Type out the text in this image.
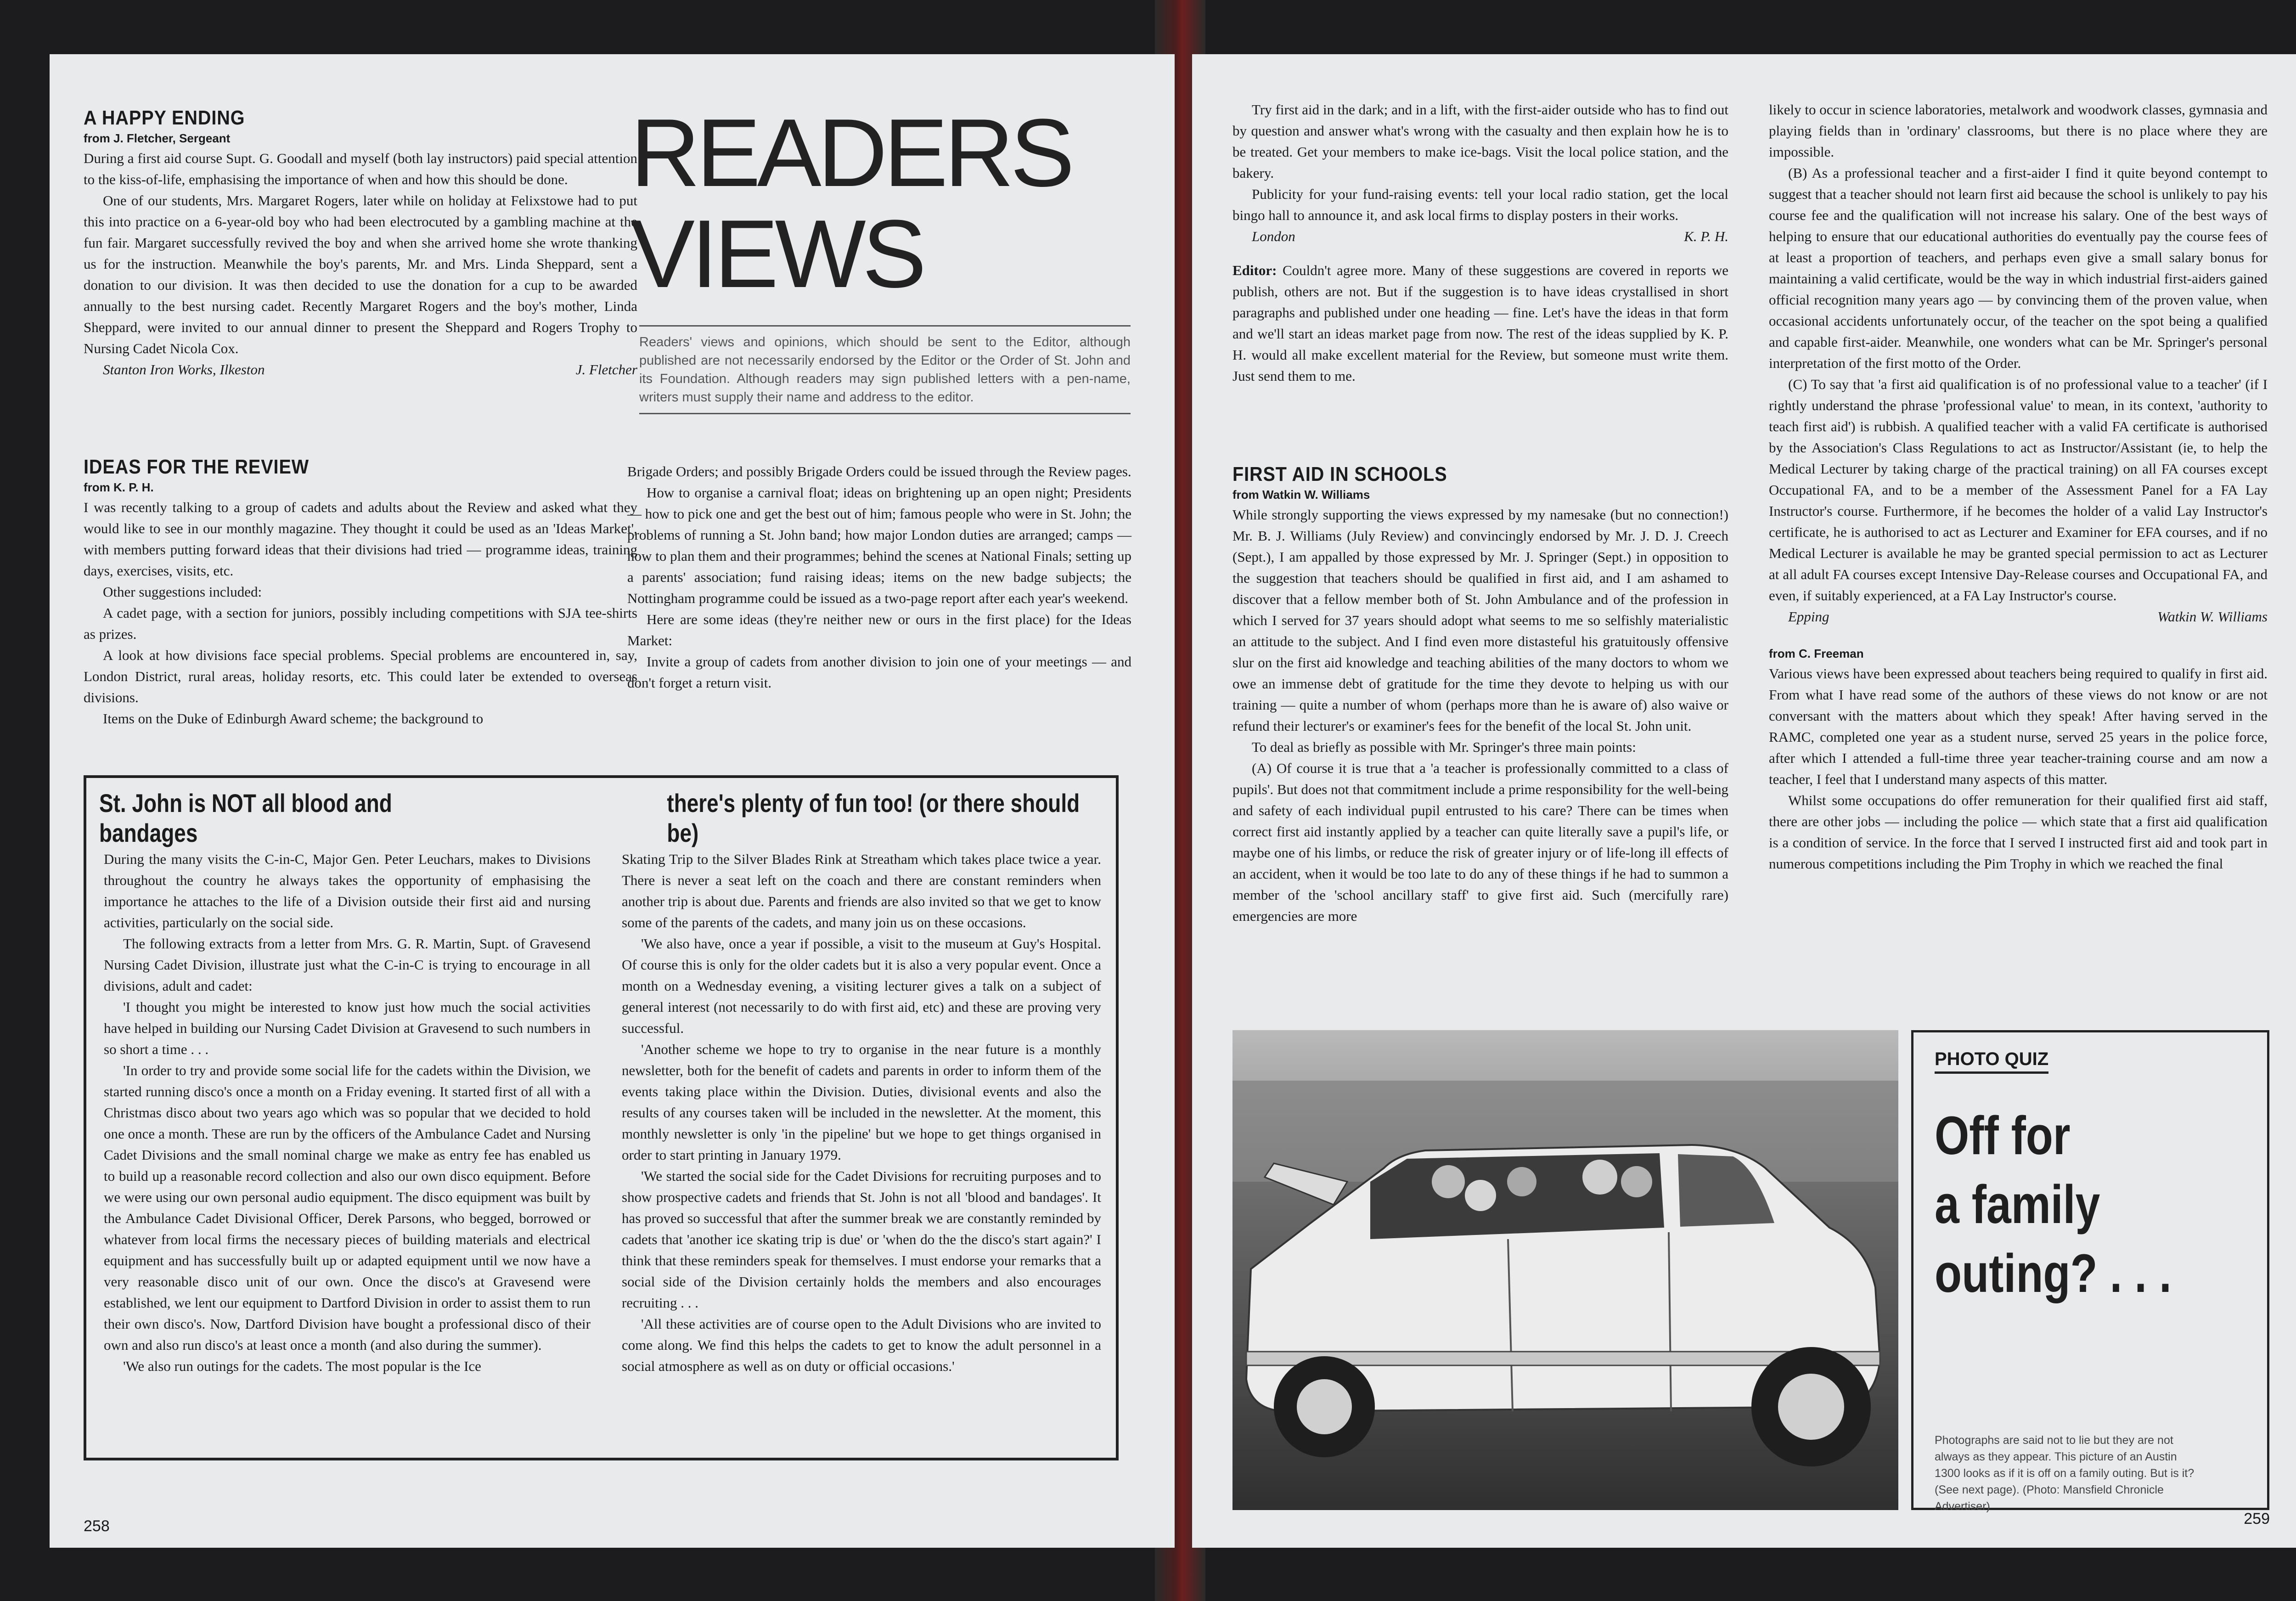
A HAPPY ENDING
from J. Fletcher, Sergeant

During a first aid course Supt. G. Goodall and myself (both lay instructors) paid special attention to the kiss-of-life, emphasising the importance of when and how this should be done.

One of our students, Mrs. Margaret Rogers, later while on holiday at Felixstowe had to put this into practice on a 6-year-old boy who had been electrocuted by a gambling machine at the fun fair. Margaret successfully revived the boy and when she arrived home she wrote thanking us for the instruction. Meanwhile the boy's parents, Mr. and Mrs. Linda Sheppard, sent a donation to our division. It was then decided to use the donation for a cup to be awarded annually to the best nursing cadet. Recently Margaret Rogers and the boy's mother, Linda Sheppard, were invited to our annual dinner to present the Sheppard and Rogers Trophy to Nursing Cadet Nicola Cox.

Stanton Iron Works, Ilkeston	J. Fletcher

READERS
VIEWS
Readers' views and opinions, which should be sent to the Editor, although published are not necessarily endorsed by the Editor or the Order of St. John and its Foundation. Although readers may sign published letters with a pen-name, writers must supply their name and address to the editor.
IDEAS FOR THE REVIEW
from K. P. H.

I was recently talking to a group of cadets and adults about the Review and asked what they would like to see in our monthly magazine. They thought it could be used as an 'Ideas Market', with members putting forward ideas that their divisions had tried — programme ideas, training days, exercises, visits, etc.

Other suggestions included:

A cadet page, with a section for juniors, possibly including competitions with SJA tee-shirts as prizes.

A look at how divisions face special problems. Special problems are encountered in, say, London District, rural areas, holiday resorts, etc. This could later be extended to overseas divisions.

Items on the Duke of Edinburgh Award scheme; the background to

Brigade Orders; and possibly Brigade Orders could be issued through the Review pages.

How to organise a carnival float; ideas on brightening up an open night; Presidents — how to pick one and get the best out of him; famous people who were in St. John; the problems of running a St. John band; how major London duties are arranged; camps — how to plan them and their programmes; behind the scenes at National Finals; setting up a parents' association; fund raising ideas; items on the new badge subjects; the Nottingham programme could be issued as a two-page report after each year's weekend.

Here are some ideas (they're neither new or ours in the first place) for the Ideas Market:

Invite a group of cadets from another division to join one of your meetings — and don't forget a return visit.

St. John is NOT all blood and bandages
there's plenty of fun too! (or there should be)

During the many visits the C-in-C, Major Gen. Peter Leuchars, makes to Divisions throughout the country he always takes the opportunity of emphasising the importance he attaches to the life of a Division outside their first aid and nursing activities, particularly on the social side.

The following extracts from a letter from Mrs. G. R. Martin, Supt. of Gravesend Nursing Cadet Division, illustrate just what the C-in-C is trying to encourage in all divisions, adult and cadet:

'I thought you might be interested to know just how much the social activities have helped in building our Nursing Cadet Division at Gravesend to such numbers in so short a time . . .

'In order to try and provide some social life for the cadets within the Division, we started running disco's once a month on a Friday evening. It started first of all with a Christmas disco about two years ago which was so popular that we decided to hold one once a month. These are run by the officers of the Ambulance Cadet and Nursing Cadet Divisions and the small nominal charge we make as entry fee has enabled us to build up a reasonable record collection and also our own disco equipment. Before we were using our own personal audio equipment. The disco equipment was built by the Ambulance Cadet Divisional Officer, Derek Parsons, who begged, borrowed or whatever from local firms the necessary pieces of building materials and electrical equipment and has successfully built up or adapted equipment until we now have a very reasonable disco unit of our own. Once the disco's at Gravesend were established, we lent our equipment to Dartford Division in order to assist them to run their own disco's. Now, Dartford Division have bought a professional disco of their own and also run disco's at least once a month (and also during the summer).

'We also run outings for the cadets. The most popular is the Ice

Skating Trip to the Silver Blades Rink at Streatham which takes place twice a year. There is never a seat left on the coach and there are constant reminders when another trip is about due. Parents and friends are also invited so that we get to know some of the parents of the cadets, and many join us on these occasions.

'We also have, once a year if possible, a visit to the museum at Guy's Hospital. Of course this is only for the older cadets but it is also a very popular event. Once a month on a Wednesday evening, a visiting lecturer gives a talk on a subject of general interest (not necessarily to do with first aid, etc) and these are proving very successful.

'Another scheme we hope to try to organise in the near future is a monthly newsletter, both for the benefit of cadets and parents in order to inform them of the events taking place within the Division. Duties, divisional events and also the results of any courses taken will be included in the newsletter. At the moment, this monthly newsletter is only 'in the pipeline' but we hope to get things organised in order to start printing in January 1979.

'We started the social side for the Cadet Divisions for recruiting purposes and to show prospective cadets and friends that St. John is not all 'blood and bandages'. It has proved so successful that after the summer break we are constantly reminded by cadets that 'another ice skating trip is due' or 'when do the the disco's start again?' I think that these reminders speak for themselves. I must endorse your remarks that a social side of the Division certainly holds the members and also encourages recruiting . . .

'All these activities are of course open to the Adult Divisions who are invited to come along. We find this helps the cadets to get to know the adult personnel in a social atmosphere as well as on duty or official occasions.'

258

Try first aid in the dark; and in a lift, with the first-aider outside who has to find out by question and answer what's wrong with the casualty and then explain how he is to be treated. Get your members to make ice-bags. Visit the local police station, and the bakery.

Publicity for your fund-raising events: tell your local radio station, get the local bingo hall to announce it, and ask local firms to display posters in their works.

London	K. P. H.

Editor: Couldn't agree more. Many of these suggestions are covered in reports we publish, others are not. But if the suggestion is to have ideas crystallised in short paragraphs and published under one heading — fine. Let's have the ideas in that form and we'll start an ideas market page from now. The rest of the ideas supplied by K. P. H. would all make excellent material for the Review, but someone must write them. Just send them to me.

FIRST AID IN SCHOOLS
from Watkin W. Williams

While strongly supporting the views expressed by my namesake (but no connection!) Mr. B. J. Williams (July Review) and convincingly endorsed by Mr. J. D. J. Creech (Sept.), I am appalled by those expressed by Mr. J. Springer (Sept.) in opposition to the suggestion that teachers should be qualified in first aid, and I am ashamed to discover that a fellow member both of St. John Ambulance and of the profession in which I served for 37 years should adopt what seems to me so selfishly materialistic an attitude to the subject. And I find even more distasteful his gratuitously offensive slur on the first aid knowledge and teaching abilities of the many doctors to whom we owe an immense debt of gratitude for the time they devote to helping us with our training — quite a number of whom (perhaps more than he is aware of) also waive or refund their lecturer's or examiner's fees for the benefit of the local St. John unit.

To deal as briefly as possible with Mr. Springer's three main points:

(A) Of course it is true that a 'a teacher is professionally committed to a class of pupils'. But does not that commitment include a prime responsibility for the well-being and safety of each individual pupil entrusted to his care? There can be times when correct first aid instantly applied by a teacher can quite literally save a pupil's life, or maybe one of his limbs, or reduce the risk of greater injury or of life-long ill effects of an accident, when it would be too late to do any of these things if he had to summon a member of the 'school ancillary staff' to give first aid. Such (mercifully rare) emergencies are more

likely to occur in science laboratories, metalwork and woodwork classes, gymnasia and playing fields than in 'ordinary' classrooms, but there is no place where they are impossible.

(B) As a professional teacher and a first-aider I find it quite beyond contempt to suggest that a teacher should not learn first aid because the school is unlikely to pay his course fee and the qualification will not increase his salary. One of the best ways of helping to ensure that our educational authorities do eventually pay the course fees of at least a proportion of teachers, and perhaps even give a small salary bonus for maintaining a valid certificate, would be the way in which industrial first-aiders gained official recognition many years ago — by convincing them of the proven value, when occasional accidents unfortunately occur, of the teacher on the spot being a qualified and capable first-aider. Meanwhile, one wonders what can be Mr. Springer's personal interpretation of the first motto of the Order.

(C) To say that 'a first aid qualification is of no professional value to a teacher' (if I rightly understand the phrase 'professional value' to mean, in its context, 'authority to teach first aid') is rubbish. A qualified teacher with a valid FA certificate is authorised by the Association's Class Regulations to act as Instructor/Assistant (ie, to help the Medical Lecturer by taking charge of the practical training) on all FA courses except Occupational FA, and to be a member of the Assessment Panel for a FA Lay Instructor's course. Furthermore, if he becomes the holder of a valid Lay Instructor's certificate, he is authorised to act as Lecturer and Examiner for EFA courses, and if no Medical Lecturer is available he may be granted special permission to act as Lecturer at all adult FA courses except Intensive Day-Release courses and Occupational FA, and even, if suitably experienced, at a FA Lay Instructor's course.

Epping	Watkin W. Williams

from C. Freeman

Various views have been expressed about teachers being required to qualify in first aid. From what I have read some of the authors of these views do not know or are not conversant with the matters about which they speak! After having served in the RAMC, completed one year as a student nurse, served 25 years in the police force, after which I attended a full-time three year teacher-training course and am now a teacher, I feel that I understand many aspects of this matter.

Whilst some occupations do offer remuneration for their qualified first aid staff, there are other jobs — including the police — which state that a first aid qualification is a condition of service. In the force that I served I instructed first aid and took part in numerous competitions including the Pim Trophy in which we reached the final

PHOTO QUIZ
Off for
a family
outing? . . .
Photographs are said not to lie but they are not always as they appear. This picture of an Austin 1300 looks as if it is off on a family outing. But is it? (See next page). (Photo: Mansfield Chronicle Advertiser)
259
